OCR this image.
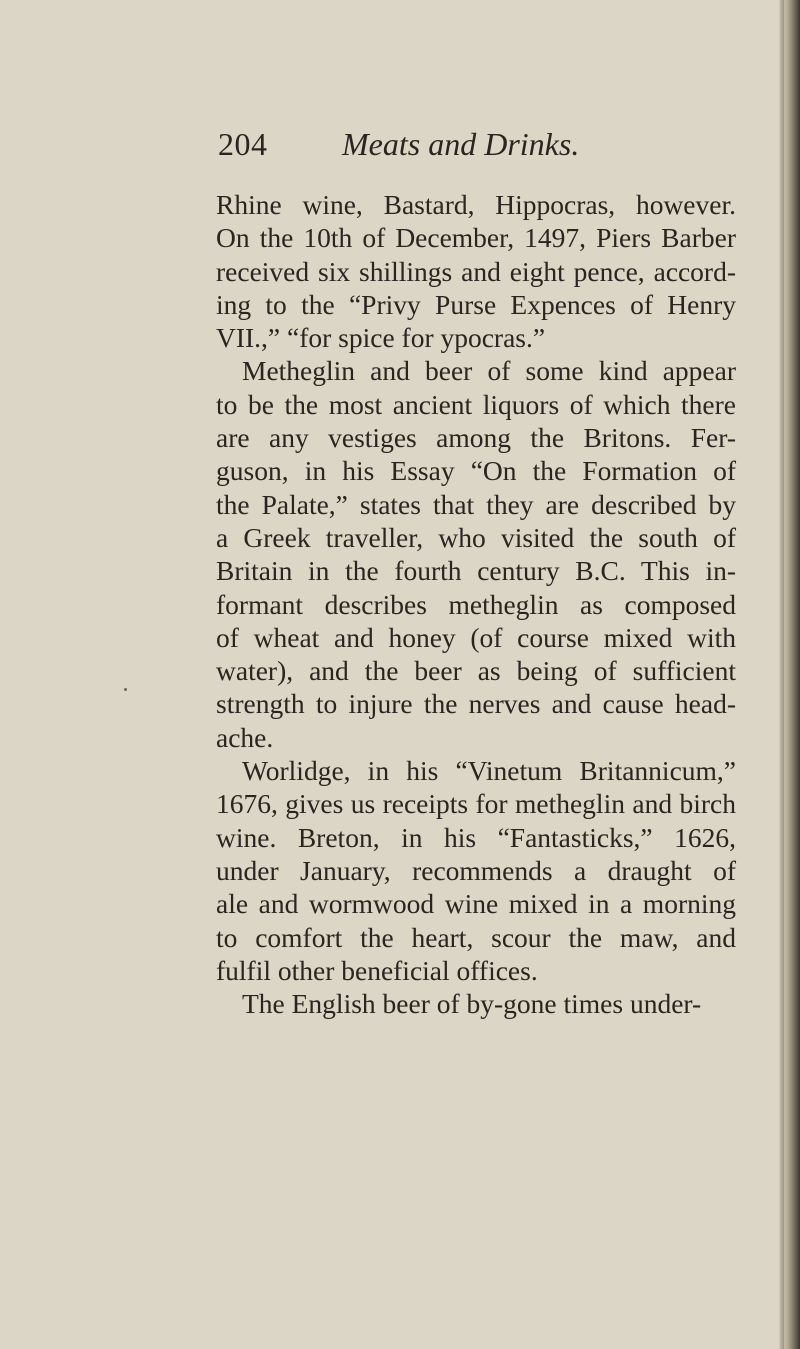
204 Meats and Drinks.
Rhine wine, Bastard, Hippocras, however.
On the 10th of December, 1497, Piers Barber
received six shillings and eight pence, accord-
ing to the “Privy Purse Expences of Henry
VII.,” “for spice for ypocras.”
Metheglin and beer of some kind appear
to be the most ancient liquors of which there
are any vestiges among the Britons. Fer-
guson, in his Essay “On the Formation of
the Palate,” states that they are described by
a Greek traveller, who visited the south of
Britain in the fourth century B.C. This in-
formant describes metheglin as composed
of wheat and honey (of course mixed with
water), and the beer as being of sufficient
strength to injure the nerves and cause head-
ache.
Worlidge, in his “Vinetum Britannicum,”
1676, gives us receipts for metheglin and birch
wine. Breton, in his “Fantasticks,” 1626,
under January, recommends a draught of
ale and wormwood wine mixed in a morning
to comfort the heart, scour the maw, and
fulfil other beneficial offices.
The English beer of by-gone times under-
